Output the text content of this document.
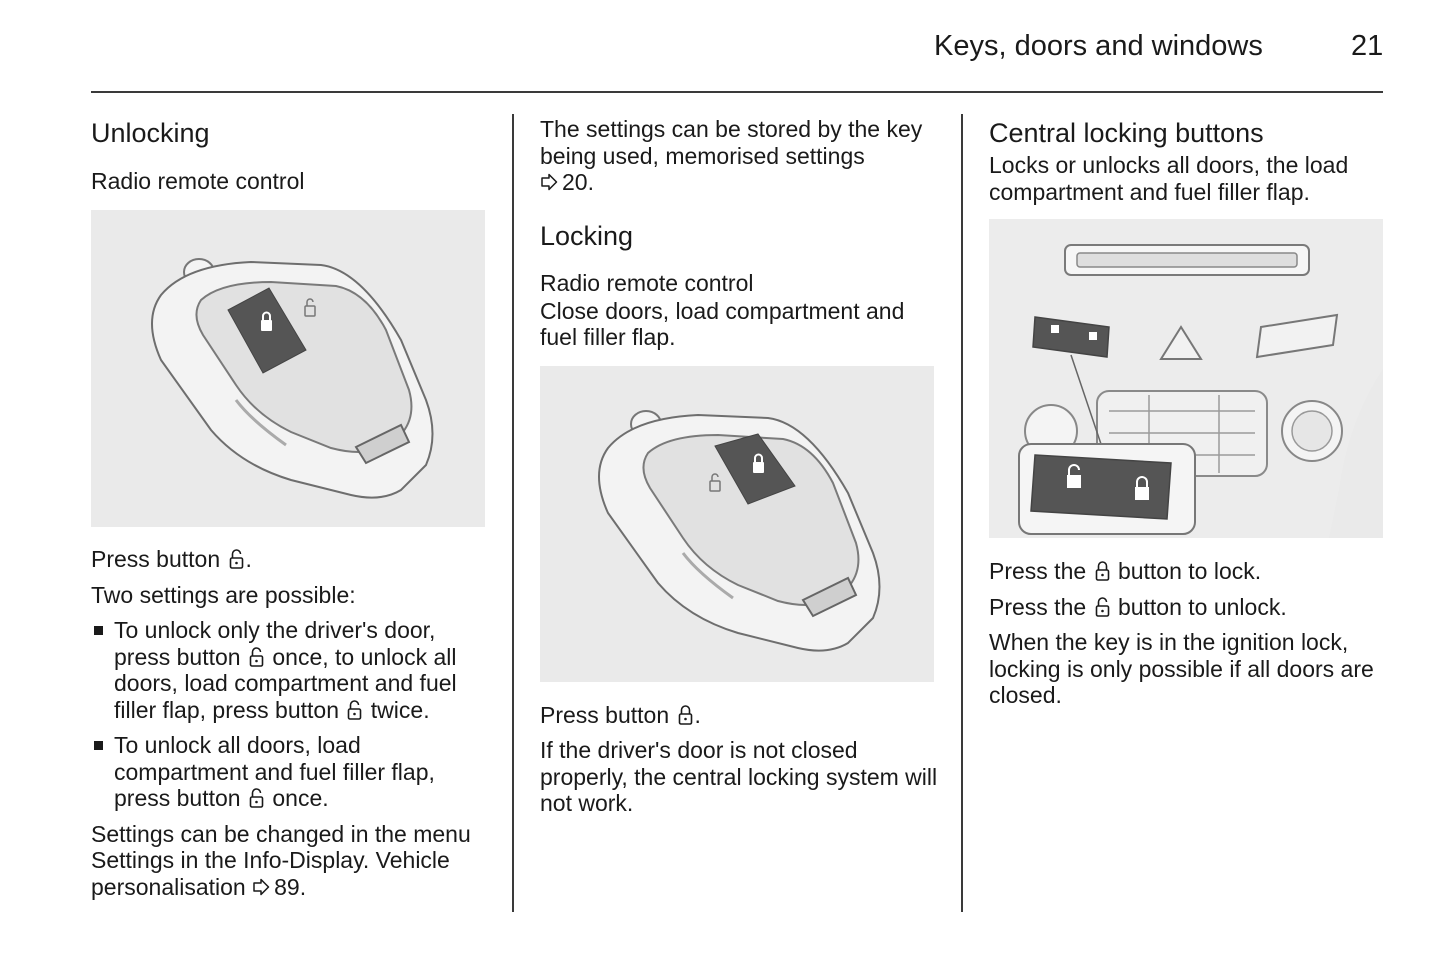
Keys, doors and windows	21
Unlocking
Radio remote control

Press button .

Two settings are possible:

To unlock only the driver's door, press button once, to unlock all doors, load compartment and fuel filler flap, press button twice.
To unlock all doors, load compartment and fuel filler flap, press button once.

Settings can be changed in the menu Settings in the Info-Display. Vehicle personalisation 89.

The settings can be stored by the key being used, memorised settings
20.

Locking
Radio remote control

Close doors, load compartment and fuel filler flap.

Press button .

If the driver's door is not closed properly, the central locking system will not work.

Central locking buttons

Locks or unlocks all doors, the load compartment and fuel filler flap.

Press the button to lock.

Press the button to unlock.

When the key is in the ignition lock, locking is only possible if all doors are closed.
